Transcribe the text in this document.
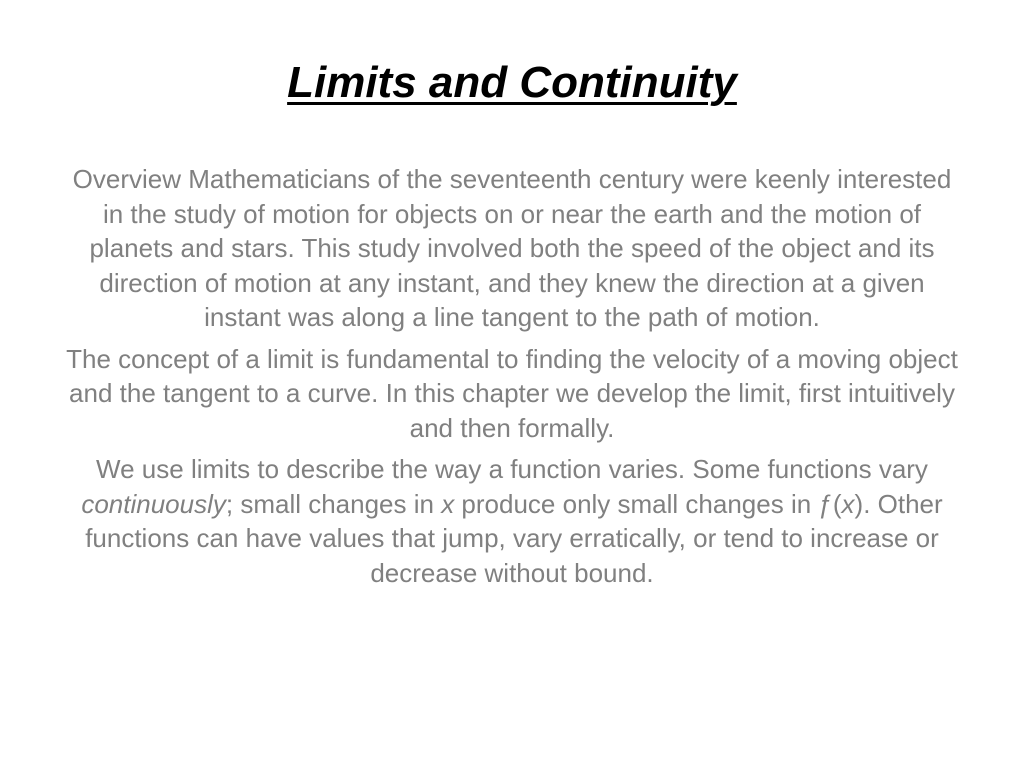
Limits and Continuity

Overview Mathematicians of the seventeenth century were keenly interested in the study of motion for objects on or near the earth and the motion of planets and stars. This study involved both the speed of the object and its direction of motion at any instant, and they knew the direction at a given instant was along a line tangent to the path of motion.

The concept of a limit is fundamental to finding the velocity of a moving object and the tangent to a curve. In this chapter we develop the limit, first intuitively and then formally.

We use limits to describe the way a function varies. Some functions vary continuously; small changes in x produce only small changes in ƒ(x). Other functions can have values that jump, vary erratically, or tend to increase or decrease without bound.
